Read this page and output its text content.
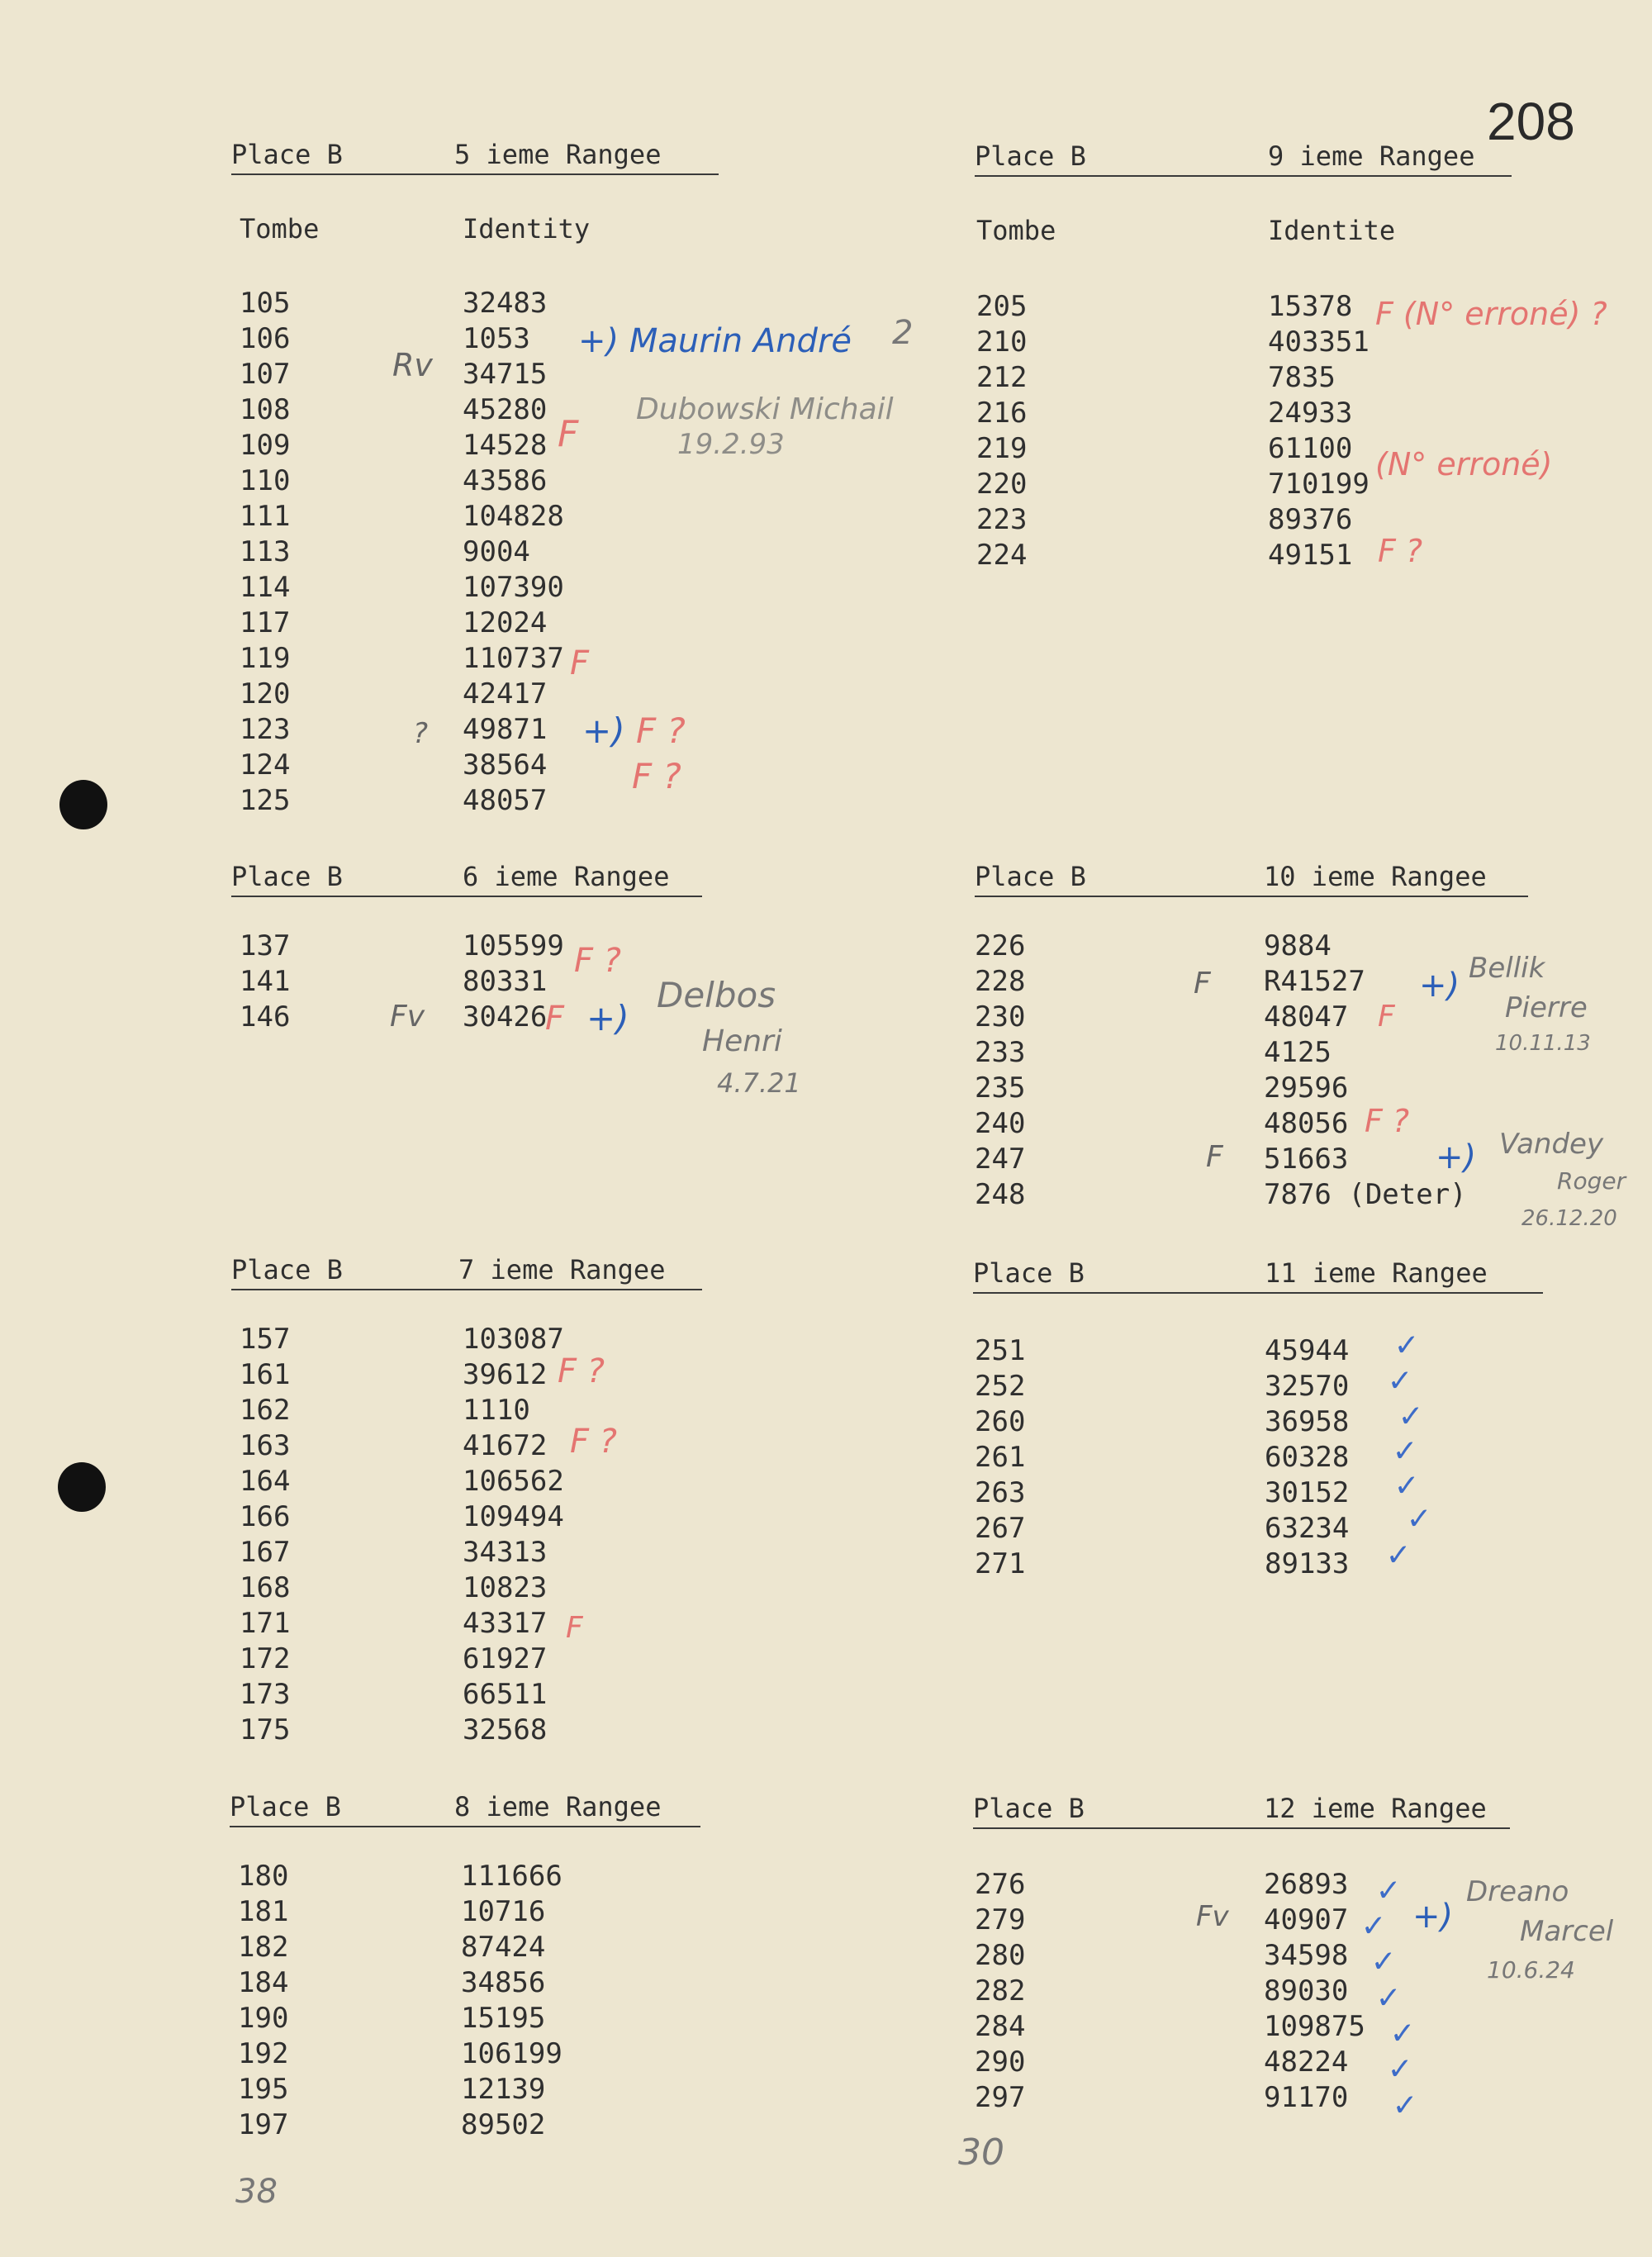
208
Place B	5 ieme Rangee
Tombe	Identity
105	32483
106	1053
107	34715
108	45280
109	14528
110	43586
111	104828
113	9004
114	107390
117	12024
119	110737
120	42417
123	49871
124	38564
125	48057
Place B	9 ieme Rangee
Tombe	Identite
205	15378
210	403351
212	7835
216	24933
219	61100
220	710199
223	89376
224	49151
Place B	6 ieme Rangee
137	105599
141	80331
146	30426
Place B	10 ieme Rangee
226	9884
228	R41527
230	48047
233	4125
235	29596
240	48056
247	51663
248	7876 (Deter)
Place B	7 ieme Rangee
157	103087
161	39612
162	1110
163	41672
164	106562
166	109494
167	34313
168	10823
171	43317
172	61927
173	66511
175	32568
Place B	11 ieme Rangee
251	45944
252	32570
260	36958
261	60328
263	30152
267	63234
271	89133
Place B	8 ieme Rangee
180	111666
181	10716
182	87424
184	34856
190	15195
192	106199
195	12139
197	89502
Place B	12 ieme Rangee
276	26893
279	40907
280	34598
282	89030
284	109875
290	48224
297	91170
+) Maurin André 2
Dubowski Michail
19.2.93
F
F
+) F ?
F ?
F (N° erroné) ?
(N° erroné)
F ?
F ?
F +)
Delbos
Henri
4.7.21
+) Bellik
Pierre
10.11.13
F
F ?
+) Vandey
Roger
26.12.20
F ?
F ?
F
+)
Dreano
Marcel
10.6.24
Rv
Fv
F
F
Fv
?
38
30
✓
✓
✓
✓
✓
✓
✓
✓
✓
✓
✓
✓
✓
✓
